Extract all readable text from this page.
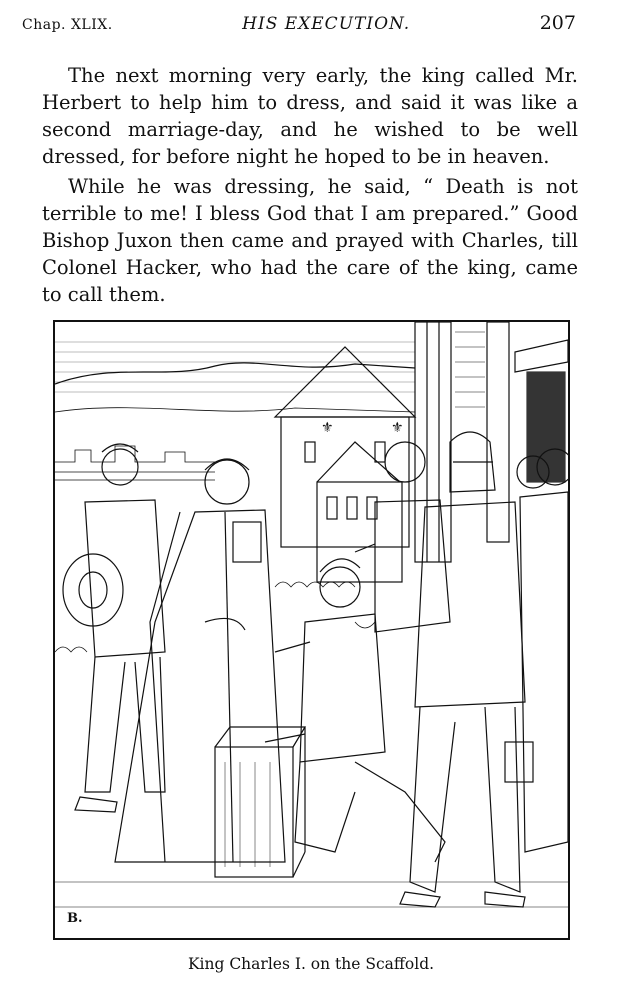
Chap. XLIX.	HIS EXECUTION.	207

The next morning very early, the king called Mr. Herbert to help him to dress, and said it was like a second marriage-day, and he wished to be well dressed, for before night he hoped to be in heaven.

While he was dressing, he said, “ Death is not terrible to me! I bless God that I am prepared.” Good Bishop Juxon then came and prayed with Charles, till Colonel Hacker, who had the care of the king, came to call them.

⚜	⚜
B.
King Charles I. on the Scaffold.
